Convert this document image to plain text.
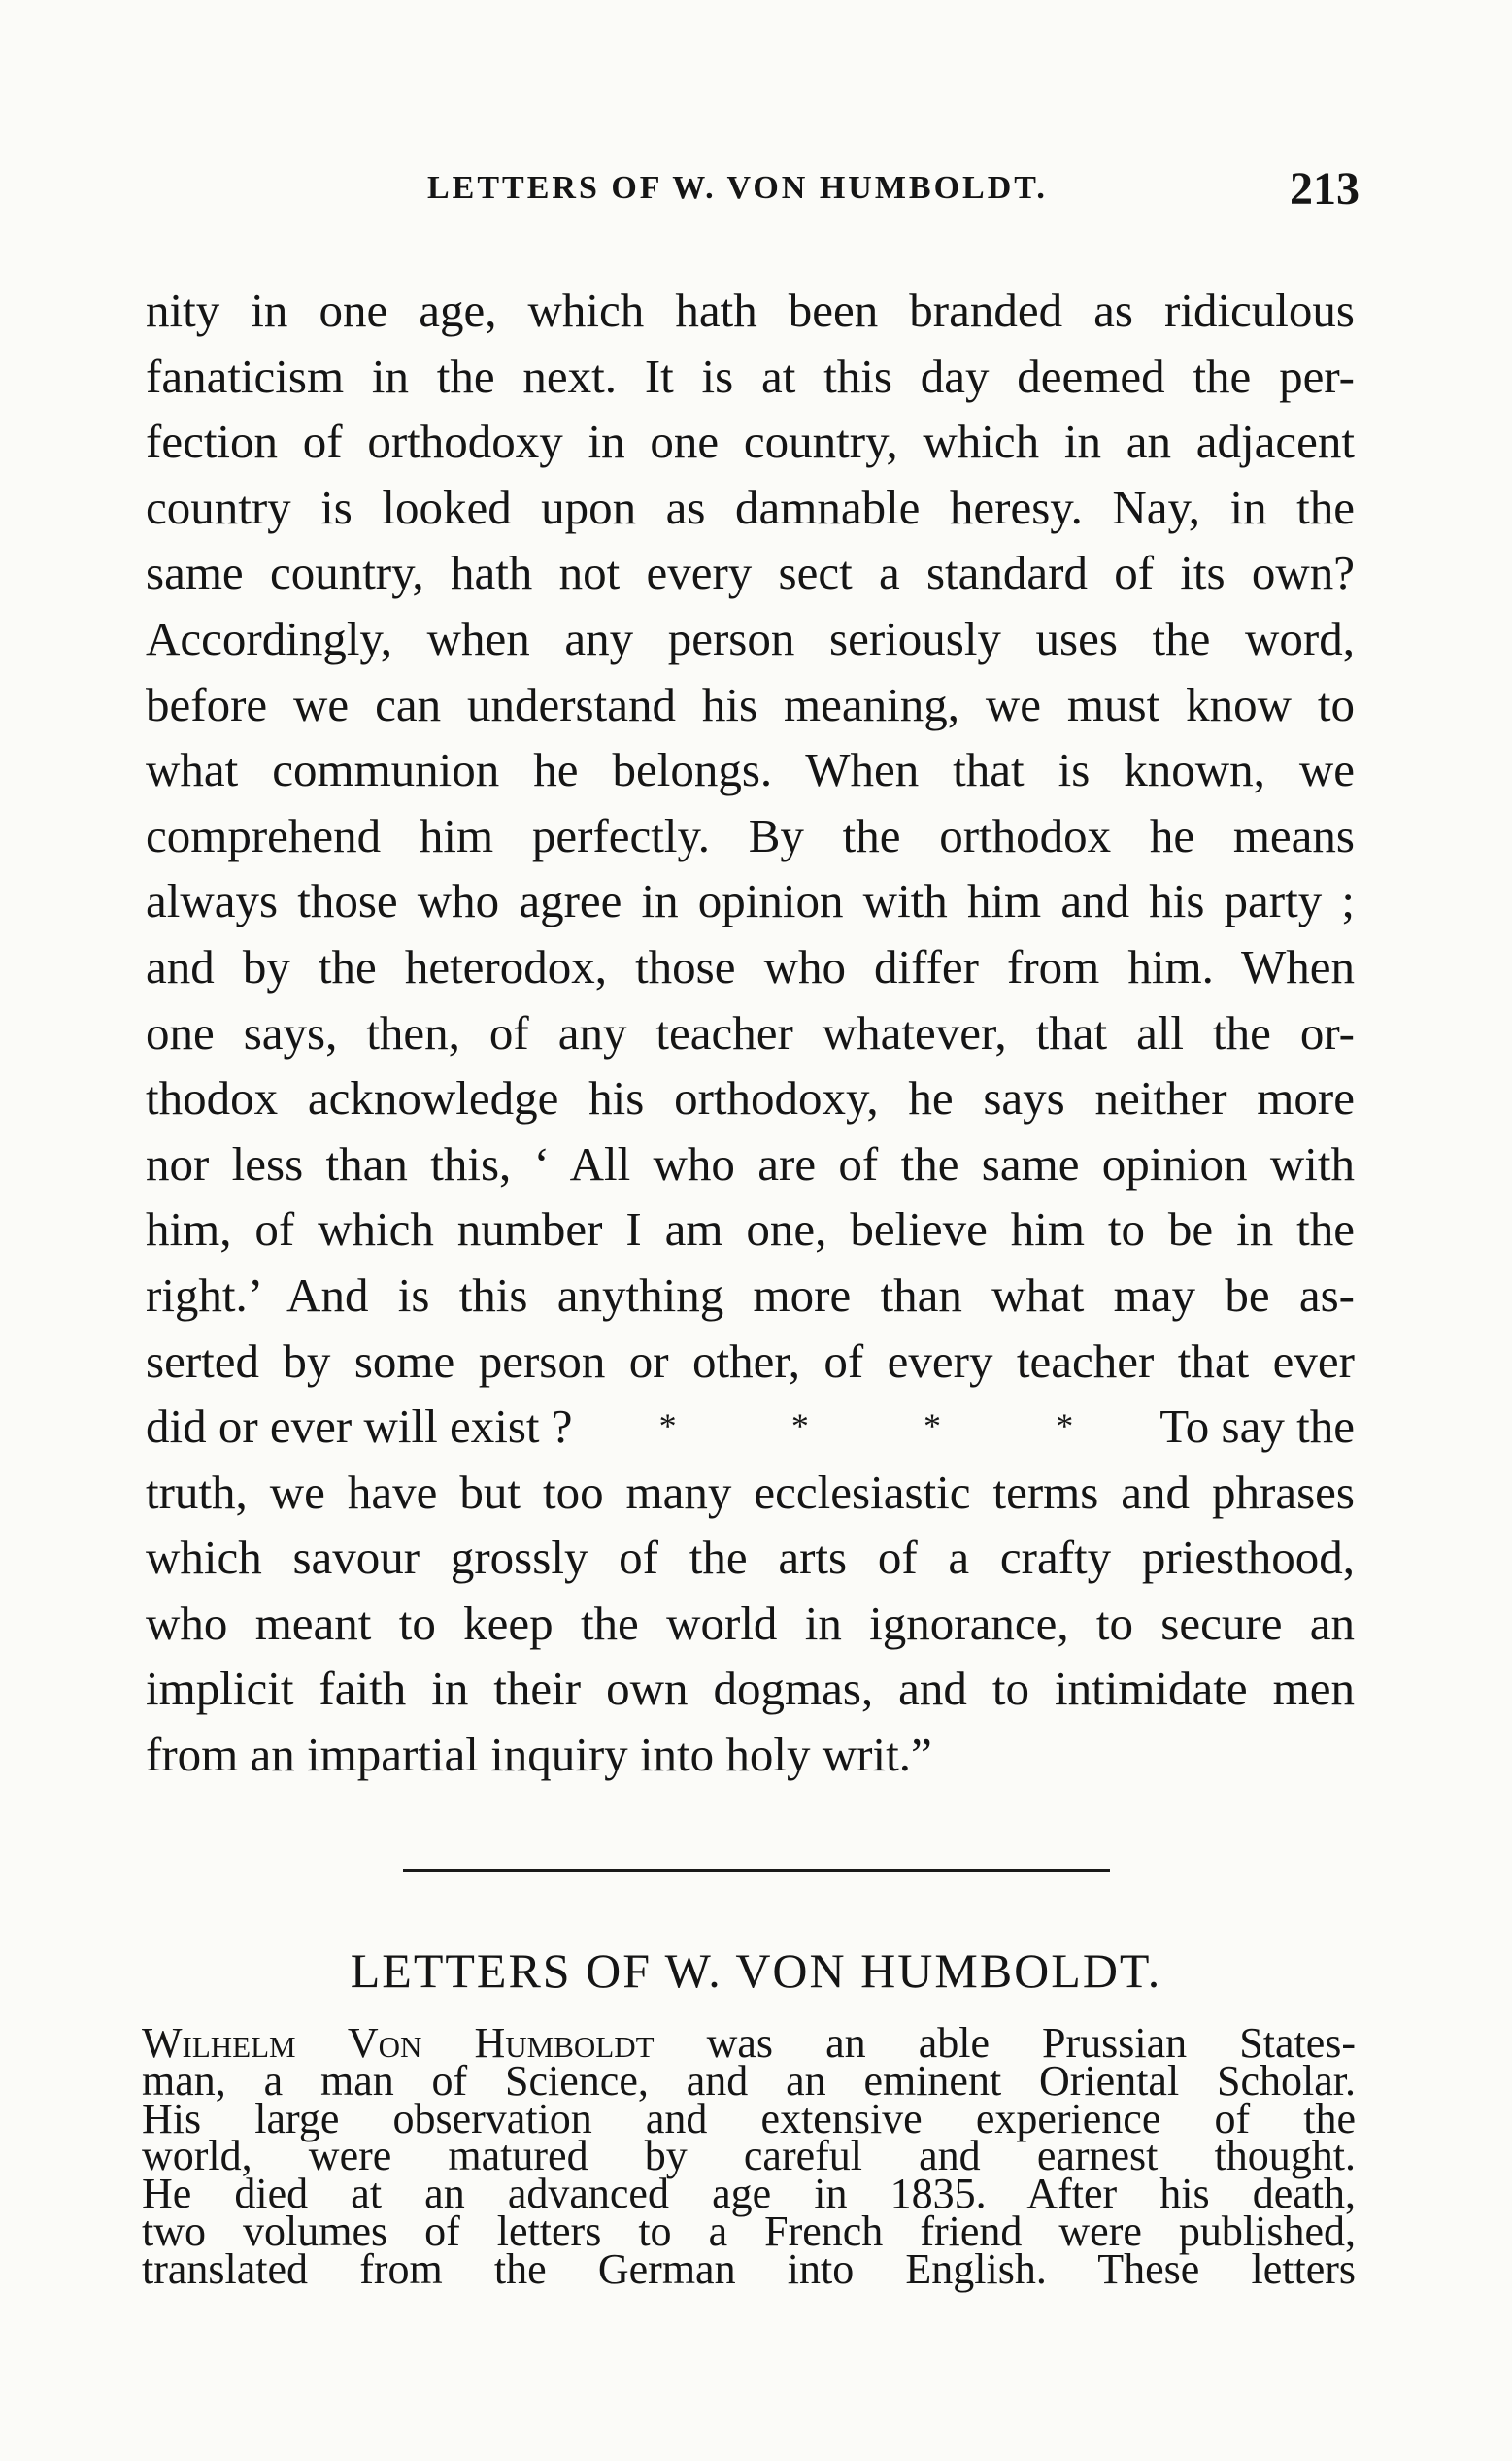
LETTERS OF W. VON HUMBOLDT.	213
nity in one age, which hath been branded as ridiculous
fanaticism in the next. It is at this day deemed the per-
fection of orthodoxy in one country, which in an adjacent
country is looked upon as damnable heresy. Nay, in the
same country, hath not every sect a standard of its own?
Accordingly, when any person seriously uses the word,
before we can understand his meaning, we must know to
what communion he belongs. When that is known, we
comprehend him perfectly. By the orthodox he means
always those who agree in opinion with him and his party ;
and by the heterodox, those who differ from him. When
one says, then, of any teacher whatever, that all the or-
thodox acknowledge his orthodoxy, he says neither more
nor less than this, ‘ All who are of the same opinion with
him, of which number I am one, believe him to be in the
right.’ And is this anything more than what may be as-
serted by some person or other, of every teacher that ever
did or ever will exist ? *	*	*	* To say the
truth, we have but too many ecclesiastic terms and phrases
which savour grossly of the arts of a crafty priesthood,
who meant to keep the world in ignorance, to secure an
implicit faith in their own dogmas, and to intimidate men
from an impartial inquiry into holy writ.”
LETTERS OF W. VON HUMBOLDT.
Wilhelm Von Humboldt was an able Prussian States-
man, a man of Science, and an eminent Oriental Scholar.
His large observation and extensive experience of the
world, were matured by careful and earnest thought.
He died at an advanced age in 1835. After his death,
two volumes of letters to a French friend were published,
translated from the German into English. These letters
